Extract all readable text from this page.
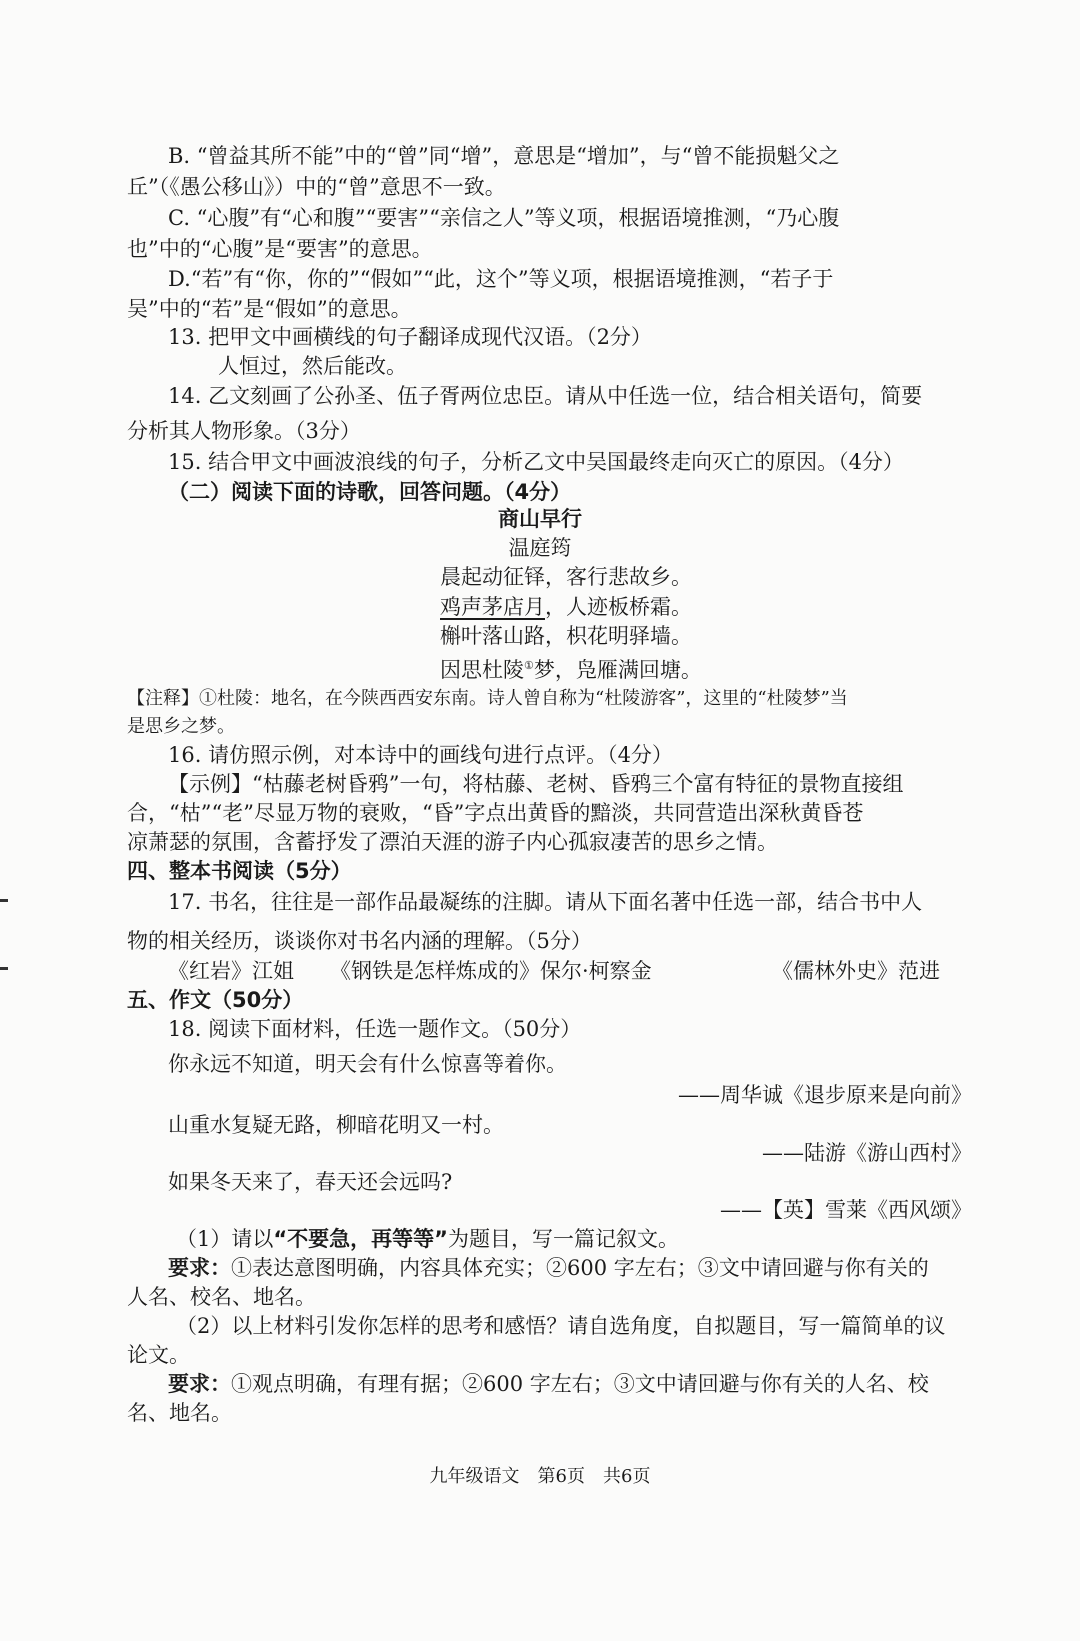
B. “曾益其所不能”中的“曾”同“增”，意思是“增加”，与“曾不能损魁父之
丘”（《愚公移山》）中的“曾”意思不一致。
C. “心腹”有“心和腹”“要害”“亲信之人”等义项，根据语境推测，“乃心腹
也”中的“心腹”是“要害”的意思。
D.“若”有“你，你的”“假如”“此，这个”等义项，根据语境推测，“若子于
吴”中的“若”是“假如”的意思。
13. 把甲文中画横线的句子翻译成现代汉语。（2分）
人恒过，然后能改。
14. 乙文刻画了公孙圣、伍子胥两位忠臣。请从中任选一位，结合相关语句，简要
分析其人物形象。（3分）
15. 结合甲文中画波浪线的句子，分析乙文中吴国最终走向灭亡的原因。（4分）
（二）阅读下面的诗歌，回答问题。（4分）
商山早行
温庭筠
晨起动征铎，客行悲故乡。
鸡声茅店月，人迹板桥霜。
槲叶落山路，枳花明驿墙。
因思杜陵①梦，凫雁满回塘。
【注释】①杜陵：地名，在今陕西西安东南。诗人曾自称为“杜陵游客”，这里的“杜陵梦”当
是思乡之梦。
16. 请仿照示例，对本诗中的画线句进行点评。（4分）
【示例】“枯藤老树昏鸦”一句，将枯藤、老树、昏鸦三个富有特征的景物直接组
合，“枯”“老”尽显万物的衰败，“昏”字点出黄昏的黯淡，共同营造出深秋黄昏苍
凉萧瑟的氛围，含蓄抒发了漂泊天涯的游子内心孤寂凄苦的思乡之情。
四、整本书阅读（5分）
17. 书名，往往是一部作品最凝练的注脚。请从下面名著中任选一部，结合书中人
物的相关经历，谈谈你对书名内涵的理解。（5分）
《红岩》江姐 《钢铁是怎样炼成的》保尔·柯察金	《儒林外史》范进
五、作文（50分）
18. 阅读下面材料，任选一题作文。（50分）
你永远不知道，明天会有什么惊喜等着你。
——周华诚《退步原来是向前》
山重水复疑无路，柳暗花明又一村。
——陆游《游山西村》
如果冬天来了，春天还会远吗?
——【英】雪莱《西风颂》
（1）请以“不要急，再等等”为题目，写一篇记叙文。
要求：①表达意图明确，内容具体充实；②600 字左右；③文中请回避与你有关的
人名、校名、地名。
（2）以上材料引发你怎样的思考和感悟？请自选角度，自拟题目，写一篇简单的议
论文。
要求：①观点明确，有理有据；②600 字左右；③文中请回避与你有关的人名、校
名、地名。
九年级语文　第6页　共6页
